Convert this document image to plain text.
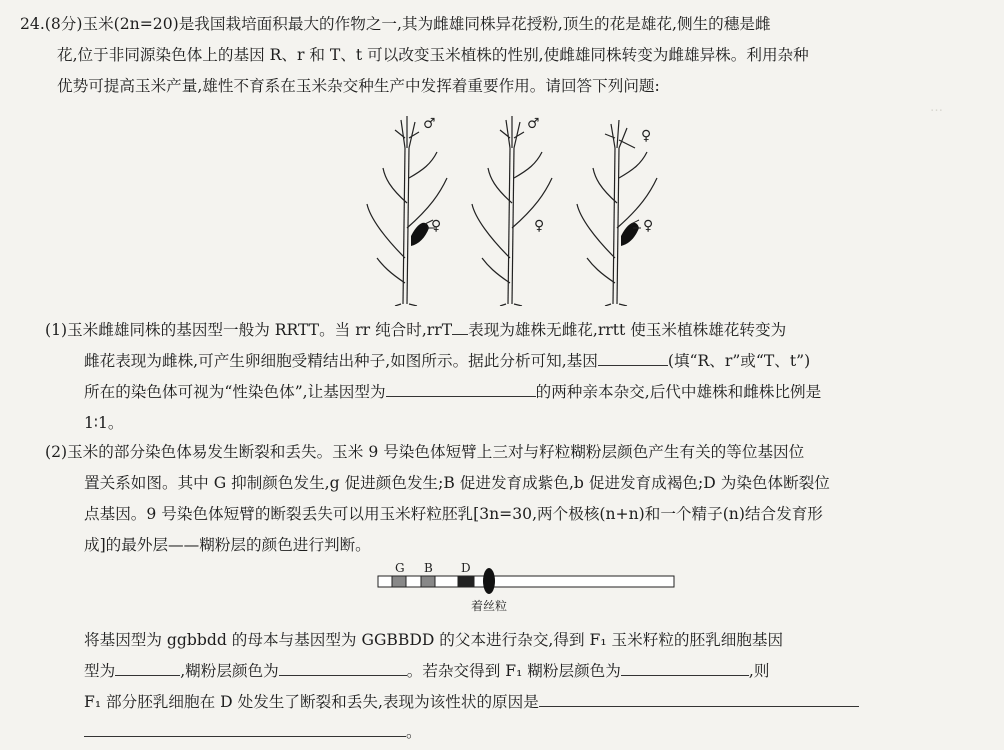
…
24.(8分)玉米(2n=20)是我国栽培面积最大的作物之一,其为雌雄同株异花授粉,顶生的花是雄花,侧生的穗是雌
花,位于非同源染色体上的基因 R、r 和 T、t 可以改变玉米植株的性别,使雌雄同株转变为雌雄异株。利用杂种
优势可提高玉米产量,雄性不育系在玉米杂交种生产中发挥着重要作用。请回答下列问题:
♂
♀
♂
♀
♀
♀
(1)玉米雌雄同株的基因型一般为 RRTT。当 rr 纯合时,rrT 表现为雄株无雌花,rrtt 使玉米植株雄花转变为
雌花表现为雌株,可产生卵细胞受精结出种子,如图所示。据此分析可知,基因	(填“R、r”或“T、t”)
所在的染色体可视为“性染色体”,让基因型为	的两种亲本杂交,后代中雄株和雌株比例是
1∶1。
(2)玉米的部分染色体易发生断裂和丢失。玉米 9 号染色体短臂上三对与籽粒糊粉层颜色产生有关的等位基因位
置关系如图。其中 G 抑制颜色发生,g 促进颜色发生;B 促进发育成紫色,b 促进发育成褐色;D 为染色体断裂位
点基因。9 号染色体短臂的断裂丢失可以用玉米籽粒胚乳[3n=30,两个极核(n+n)和一个精子(n)结合发育形
成]的最外层——糊粉层的颜色进行判断。
G B D
着丝粒
将基因型为 ggbbdd 的母本与基因型为 GGBBDD 的父本进行杂交,得到 F₁ 玉米籽粒的胚乳细胞基因
型为	,糊粉层颜色为	。若杂交得到 F₁ 糊粉层颜色为	,则
F₁ 部分胚乳细胞在 D 处发生了断裂和丢失,表现为该性状的原因是
。
